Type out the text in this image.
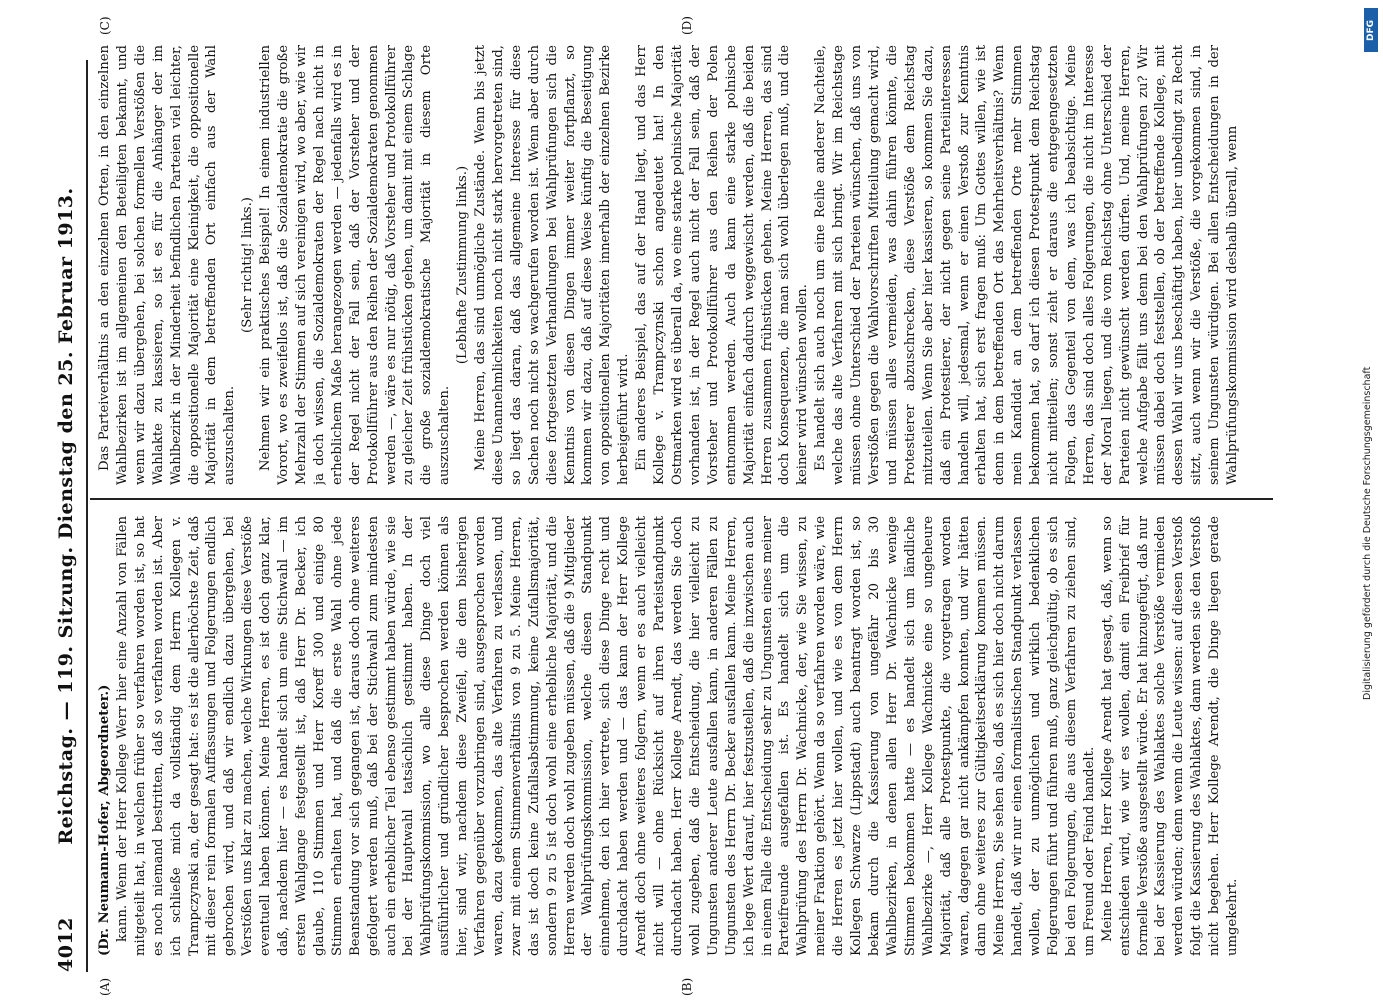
4012
Reichstag. — 119. Sitzung. Dienstag den 25. Februar 1913.
(A)	(B)
(C)	(D)

(Dr. Neumann-Hofer, Abgeordneter.) kann. Wenn der Herr Kollege Werr hier eine Anzahl von Fällen mitgeteilt hat, in welchen früher so verfahren worden ist, so hat es noch niemand bestritten, daß so verfahren worden ist. Aber ich schließe mich da vollständig dem Herrn Kollegen v. Trampczynski an, der gesagt hat: es ist die allerhöchste Zeit, daß mit dieser rein formalen Auffassungen und Folgerungen endlich gebrochen wird, und daß wir endlich dazu übergehen, bei Verstößen uns klar zu machen, welche Wirkungen diese Verstöße eventuell haben können. Meine Herren, es ist doch ganz klar, daß, nachdem hier — es handelt sich um eine Stichwahl — im ersten Wahlgange festgestellt ist, daß Herr Dr. Becker, ich glaube, 110 Stimmen und Herr Koreff 300 und einige 80 Stimmen erhalten hat, und daß die erste Wahl ohne jede Beanstandung vor sich gegangen ist, daraus doch ohne weiteres gefolgert werden muß, daß bei der Stichwahl zum mindesten auch ein erheblicher Teil ebenso gestimmt haben würde, wie sie bei der Hauptwahl tatsächlich gestimmt haben. In der Wahlprüfungskommission, wo alle diese Dinge doch viel ausführlicher und gründlicher besprochen werden können als hier, sind wir, nachdem diese Zweifel, die dem bisherigen Verfahren gegenüber vorzubringen sind, ausgesprochen worden waren, dazu gekommen, das alte Verfahren zu verlassen, und zwar mit einem Stimmenverhältnis von 9 zu 5. Meine Herren, das ist doch keine Zufallsabstimmung, keine Zufallsmajorität, sondern 9 zu 5 ist doch wohl eine erhebliche Majorität, und die Herren werden doch wohl zugeben müssen, daß die 9 Mitglieder der Wahlprüfungskommission, welche diesen Standpunkt einnehmen, den ich hier vertrete, sich diese Dinge recht und durchdacht haben werden und — das kann der Herr Kollege Arendt doch ohne weiteres folgern, wenn er es auch vielleicht nicht will — ohne Rücksicht auf ihren Parteistandpunkt durchdacht haben. Herr Kollege Arendt, das werden Sie doch wohl zugeben, daß die Entscheidung, die hier vielleicht zu Ungunsten anderer Leute ausfallen kann, in anderen Fällen zu Ungunsten des Herrn Dr. Becker ausfallen kann. Meine Herren, ich lege Wert darauf, hier festzustellen, daß die inzwischen auch in einem Falle die Entscheidung sehr zu Ungunsten eines meiner Parteifreunde ausgefallen ist. Es handelt sich um die Wahlprüfung des Herrn Dr. Wachnicke, der, wie Sie wissen, zu meiner Fraktion gehört. Wenn da so verfahren worden wäre, wie die Herren es jetzt hier wollen, und wie es von dem Herrn Kollegen Schwarze (Lippstadt) auch beantragt worden ist, so bekam durch die Kassierung von ungefähr 20 bis 30 Wahlbezirken, in denen allen Herr Dr. Wachnicke wenige Stimmen bekommen hatte — es handelt sich um ländliche Wahlbezirke —, Herr Kollege Wachnicke eine so ungeheure Majorität, daß alle Protestpunkte, die vorgetragen worden waren, dagegen gar nicht ankämpfen konnten, und wir hätten dann ohne weiteres zur Gültigkeitserklärung kommen müssen. Meine Herren, Sie sehen also, daß es sich hier doch nicht darum handelt, daß wir nur einen formalistischen Standpunkt verlassen wollen, der zu unmöglichen und wirklich bedenklichen Folgerungen führt und führen muß, ganz gleichgültig, ob es sich bei den Folgerungen, die aus diesem Verfahren zu ziehen sind, um Freund oder Feind handelt. Meine Herren, Herr Kollege Arendt hat gesagt, daß, wenn so entschieden wird, wie wir es wollen, damit ein Freibrief für formelle Verstöße ausgestellt würde. Er hat hinzugefügt, daß nur bei der Kassierung des Wahlaktes solche Verstöße vermieden werden würden; denn wenn die Leute wissen: auf diesen Verstoß folgt die Kassierung des Wahlaktes, dann werden sie den Verstoß nicht begehen. Herr Kollege Arendt, die Dinge liegen gerade umgekehrt.

Das Parteiverhältnis an den einzelnen Orten, in den einzelnen Wahlbezirken ist im allgemeinen den Beteiligten bekannt, und wenn wir dazu übergehen, bei solchen formellen Verstößen die Wahlakte zu kassieren, so ist es für die Anhänger der im Wahlbezirk in der Minderheit befindlichen Parteien viel leichter, die oppositionelle Majorität eine Kleinigkeit, die oppositionelle Majorität in dem betreffenden Ort einfach aus der Wahl auszuschalten.

(Sehr richtig! links.) Nehmen wir ein praktisches Beispiel! In einem industriellen Vorort, wo es zweifellos ist, daß die Sozialdemokratie die große Mehrzahl der Stimmen auf sich vereinigen wird, wo aber, wie wir ja doch wissen, die Sozialdemokraten der Regel nach nicht in erheblichem Maße herangezogen werden — jedenfalls wird es in der Regel nicht der Fall sein, daß der Vorsteher und der Protokollführer aus den Reihen der Sozialdemokraten genommen werden —, wäre es nur nötig, daß Vorsteher und Protokollführer zu gleicher Zeit frühstücken gehen, um damit mit einem Schlage die große sozialdemokratische Majorität in diesem Orte auszuschalten.

(Lebhafte Zustimmung links.) Meine Herren, das sind unmögliche Zustände. Wenn bis jetzt diese Unannehmlichkeiten noch nicht stark hervorgetreten sind, so liegt das daran, daß das allgemeine Interesse für diese Sachen noch nicht so wachgerufen worden ist. Wenn aber durch diese fortgesetzten Verhandlungen bei Wahlprüfungen sich die Kenntnis von diesen Dingen immer weiter fortpflanzt, so kommen wir dazu, daß auf diese Weise künftig die Beseitigung von oppositionellen Majoritäten innerhalb der einzelnen Bezirke herbeigeführt wird. Ein anderes Beispiel, das auf der Hand liegt, und das Herr Kollege v. Trampczynski schon angedeutet hat! In den Ostmarken wird es überall da, wo eine starke polnische Majorität vorhanden ist, in der Regel auch nicht der Fall sein, daß der Vorsteher und Protokollführer aus den Reihen der Polen entnommen werden. Auch da kann eine starke polnische Majorität einfach dadurch weggewischt werden, daß die beiden Herren zusammen frühstücken gehen. Meine Herren, das sind doch Konsequenzen, die man sich wohl überlegen muß, und die keiner wird wünschen wollen. Es handelt sich auch noch um eine Reihe anderer Nachteile, welche das alte Verfahren mit sich bringt. Wir im Reichstage müssen ohne Unterschied der Parteien wünschen, daß uns von Verstößen gegen die Wahlvorschriften Mitteilung gemacht wird, und müssen alles vermeiden, was dahin führen könnte, die Protestierer abzuschrecken, diese Verstöße dem Reichstag mitzuteilen. Wenn Sie aber hier kassieren, so kommen Sie dazu, daß ein Protestierer, der nicht gegen seine Parteiinteressen handeln will, jedesmal, wenn er einen Verstoß zur Kenntnis erhalten hat, sich erst fragen muß: Um Gottes willen, wie ist denn in dem betreffenden Ort das Mehrheitsverhältnis? Wenn mein Kandidat an dem betreffenden Orte mehr Stimmen bekommen hat, so darf ich diesen Protestpunkt dem Reichstag nicht mitteilen; sonst zieht er daraus die entgegengesetzten Folgen, das Gegenteil von dem, was ich beabsichtige. Meine Herren, das sind doch alles Folgerungen, die nicht im Interesse der Moral liegen, und die vom Reichstag ohne Unterschied der Parteien nicht gewünscht werden dürfen. Und, meine Herren, welche Aufgabe fällt uns denn bei den Wahlprüfungen zu? Wir müssen dabei doch feststellen, ob der betreffende Kollege, mit dessen Wahl wir uns beschäftigt haben, hier unbedingt zu Recht sitzt, auch wenn wir die Verstöße, die vorgekommen sind, in seinem Ungunsten würdigen. Bei allen Entscheidungen in der Wahlprüfungskommission wird deshalb überall, wenn

Digitalisierung gefördert durch die Deutsche Forschungsgemeinschaft
DFG
